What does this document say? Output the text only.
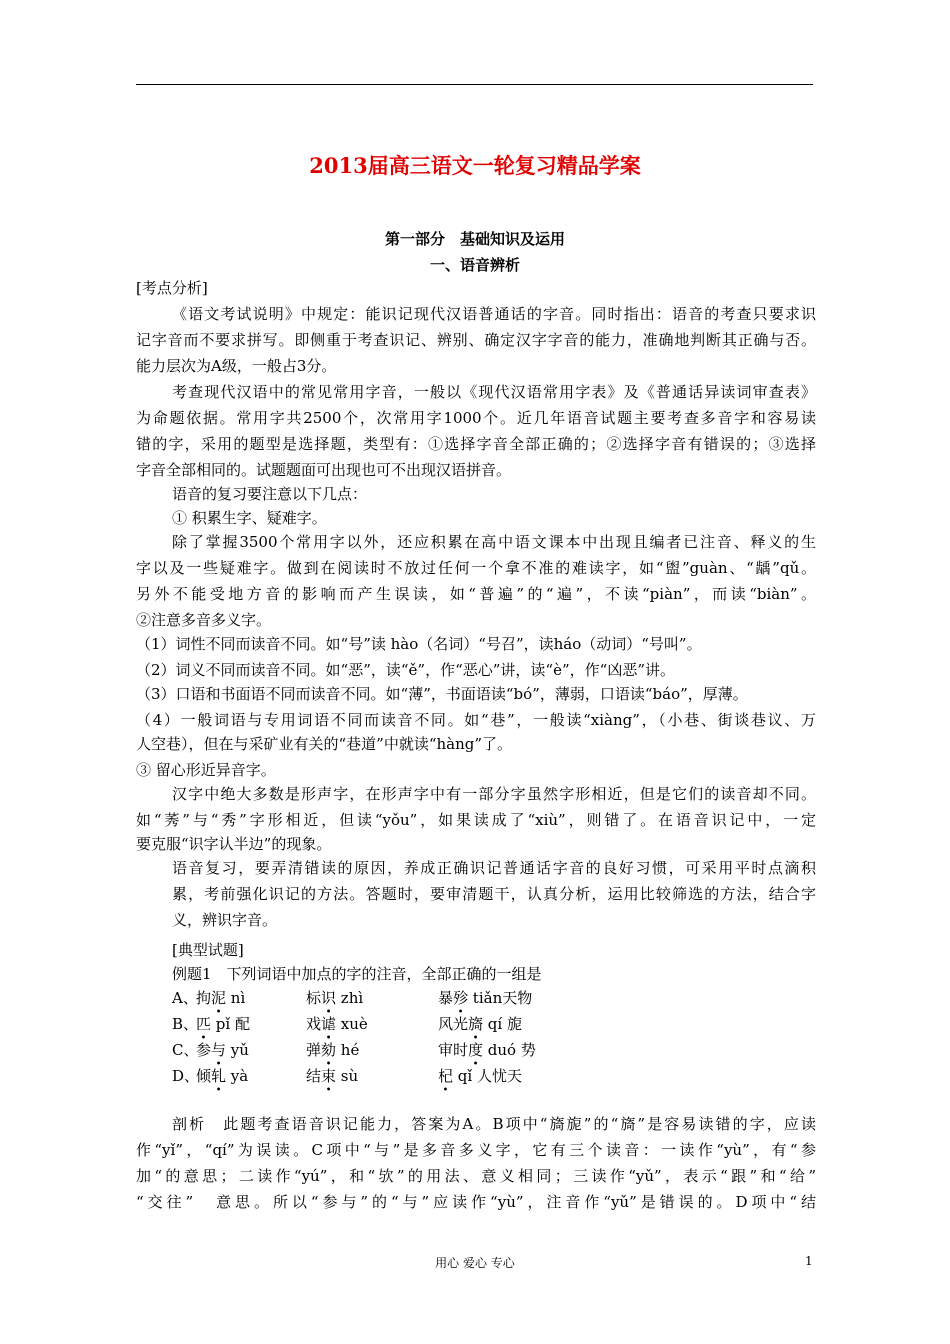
2013届高三语文一轮复习精品学案
第一部分　基础知识及运用
一、语音辨析
[考点分析]
《语文考试说明》中规定：能识记现代汉语普通话的字音。同时指出：语音的考查只要求识
记字音而不要求拼写。即侧重于考查识记、辨别、确定汉字字音的能力，准确地判断其正确与否。
能力层次为A级，一般占3分。
考查现代汉语中的常见常用字音，一般以《现代汉语常用字表》及《普通话异读词审查表》
为命题依据。常用字共2500个，次常用字1000个。近几年语音试题主要考查多音字和容易读
错的字，采用的题型是选择题，类型有：①选择字音全部正确的；②选择字音有错误的；③选择
字音全部相同的。试题题面可出现也可不出现汉语拼音。
语音的复习要注意以下几点：
① 积累生字、疑难字。
除了掌握3500个常用字以外，还应积累在高中语文课本中出现且编者已注音、释义的生
字以及一些疑难字。做到在阅读时不放过任何一个拿不准的难读字，如“盥”guàn、“龋”qǔ。
另外不能受地方音的影响而产生误读，如“普遍”的“遍”，不读“piàn”，而读“biàn”。
②注意多音多义字。
（1）词性不同而读音不同。如“号”读 hào（名词）“号召”，读háo（动词）“号叫”。
（2）词义不同而读音不同。如“恶”，读“ě”，作“恶心”讲，读“è”，作“凶恶”讲。
（3）口语和书面语不同而读音不同。如“薄”，书面语读“bó”，薄弱，口语读“báo”，厚薄。
（4）一般词语与专用词语不同而读音不同。如“巷”，一般读“xiàng”，（小巷、街谈巷议、万
人空巷），但在与采矿业有关的“巷道”中就读“hàng”了。
③ 留心形近异音字。
汉字中绝大多数是形声字，在形声字中有一部分字虽然字形相近，但是它们的读音却不同。
如“莠”与“秀”字形相近，但读“yǒu”，如果读成了“xiù”，则错了。在语音识记中，一定
要克服“识字认半边”的现象。
语音复习，要弄清错读的原因，养成正确识记普通话字音的良好习惯，可采用平时点滴积
累，考前强化识记的方法。答题时，要审清题干，认真分析，运用比较筛选的方法，结合字
义，辨识字音。
[典型试题]
例题1　下列词语中加点的字的注音，全部正确的一组是
A、
拘泥 nì	标识 zhì	暴殄 tiǎn天物
B、
匹 pǐ 配	戏谑 xuè	风光旖 qí 旎
C、
参与 yǔ	弹劾 hé	审时度 duó 势
D、
倾轧 yà	结束 sù	杞 qǐ 人忧天
剖析　此题考查语音识记能力，答案为A。B项中“旖旎”的“旖”是容易读错的字，应读
作“yǐ”，“qí”为误读。C项中“与”是多音多义字，它有三个读音：一读作“yù”，有“参
加“的意思；二读作“yú”，和“欤”的用法、意义相同；三读作“yǔ”，表示“跟”和“给”
“交往”　意思。所以“参与”的“与”应读作“yù”，注音作“yǔ”是错误的。D项中“结
用心 爱心 专心	1
